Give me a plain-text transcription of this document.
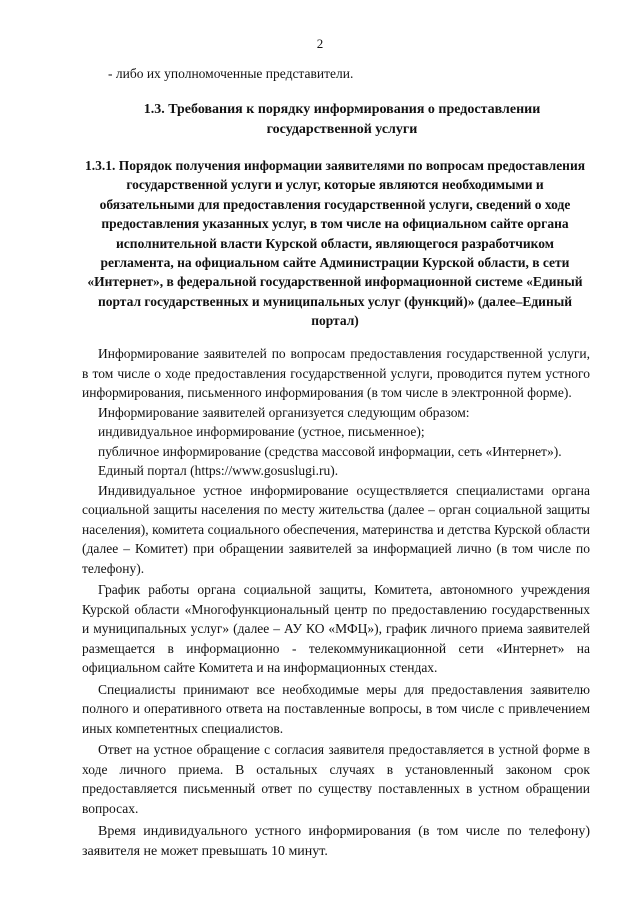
2
- либо их уполномоченные представители.
1.3. Требования к порядку информирования о предоставлении государственной услуги
1.3.1. Порядок получения информации заявителями по вопросам предоставления государственной услуги и услуг, которые являются необходимыми и обязательными для предоставления государственной услуги, сведений о ходе предоставления указанных услуг, в том числе на официальном сайте органа исполнительной власти Курской области, являющегося разработчиком регламента, на официальном сайте Администрации Курской области, в сети «Интернет», в федеральной государственной информационной системе «Единый портал государственных и муниципальных услуг (функций)» (далее–Единый портал)

Информирование заявителей по вопросам предоставления государственной услуги, в том числе о ходе предоставления государственной услуги, проводится путем устного информирования, письменного информирования (в том числе в электронной форме).

Информирование заявителей организуется следующим образом:

индивидуальное информирование (устное, письменное);

публичное информирование (средства массовой информации, сеть «Интернет»).

Единый портал (https://www.gosuslugi.ru).

Индивидуальное устное информирование осуществляется специалистами органа социальной защиты населения по месту жительства (далее – орган социальной защиты населения), комитета социального обеспечения, материнства и детства Курской области (далее – Комитет) при обращении заявителей за информацией лично (в том числе по телефону).

График работы органа социальной защиты, Комитета, автономного учреждения Курской области «Многофункциональный центр по предоставлению государственных и муниципальных услуг» (далее – АУ КО «МФЦ»), график личного приема заявителей размещается в информационно - телекоммуникационной сети «Интернет» на официальном сайте Комитета и на информационных стендах.

Специалисты принимают все необходимые меры для предоставления заявителю полного и оперативного ответа на поставленные вопросы, в том числе с привлечением иных компетентных специалистов.

Ответ на устное обращение с согласия заявителя предоставляется в устной форме в ходе личного приема. В остальных случаях в установленный законом срок предоставляется письменный ответ по существу поставленных в устном обращении вопросах.

Время индивидуального устного информирования (в том числе по телефону) заявителя не может превышать 10 минут.
